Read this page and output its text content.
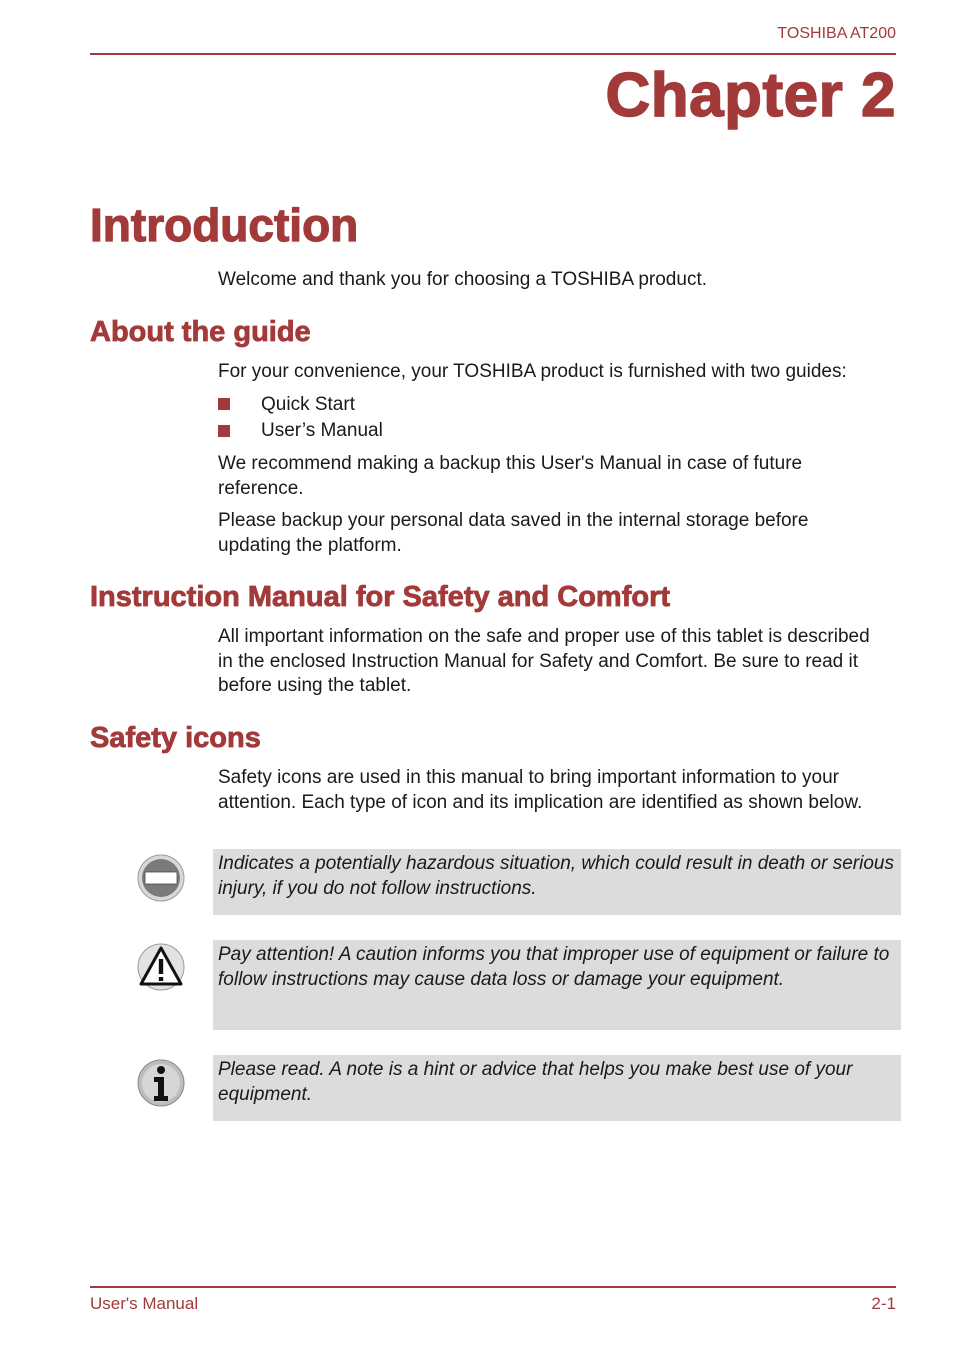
TOSHIBA AT200
Chapter 2
Introduction
Welcome and thank you for choosing a TOSHIBA product.
About the guide
For your convenience, your TOSHIBA product is furnished with two guides:
Quick Start
User’s Manual
We recommend making a backup this User's Manual in case of future reference.
Please backup your personal data saved in the internal storage before updating the platform.
Instruction Manual for Safety and Comfort
All important information on the safe and proper use of this tablet is described in the enclosed Instruction Manual for Safety and Comfort. Be sure to read it before using the tablet.
Safety icons
Safety icons are used in this manual to bring important information to your attention. Each type of icon and its implication are identified as shown below.
Indicates a potentially hazardous situation, which could result in death or serious injury, if you do not follow instructions.
Pay attention! A caution informs you that improper use of equipment or failure to follow instructions may cause data loss or damage your equipment.
Please read. A note is a hint or advice that helps you make best use of your equipment.
User's Manual	2-1
